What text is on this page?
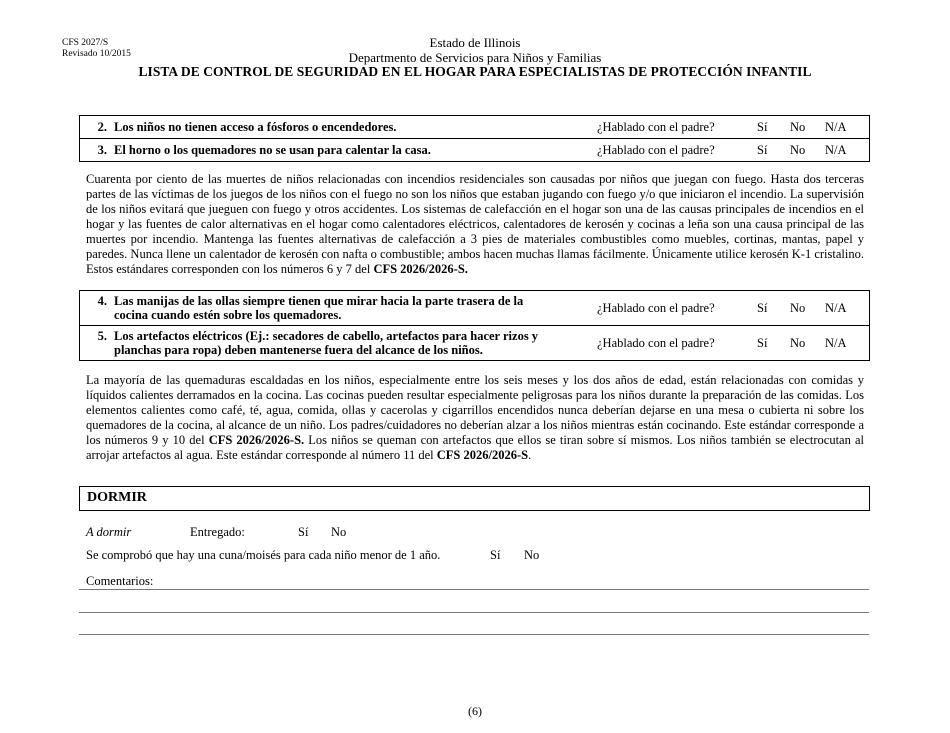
CFS 2027/S
Revisado 10/2015
Estado de Illinois
Departmento de Servicios para Niños y Familias
LISTA DE CONTROL DE SEGURIDAD EN EL HOGAR PARA ESPECIALISTAS DE PROTECCIÓN INFANTIL
2.	Los niños no tienen acceso a fósforos o encendedores.	¿Hablado con el padre?	Sí	No	N/A
3.	El horno o los quemadores no se usan para calentar la casa.	¿Hablado con el padre?	Sí	No	N/A
Cuarenta por ciento de las muertes de niños relacionadas con incendios residenciales son causadas por niños que juegan con fuego. Hasta dos terceras partes de las víctimas de los juegos de los niños con el fuego no son los niños que estaban jugando con fuego y/o que iniciaron el incendio. La supervisión de los niños evitará que jueguen con fuego y otros accidentes. Los sistemas de calefacción en el hogar son una de las causas principales de incendios en el hogar y las fuentes de calor alternativas en el hogar como calentadores eléctricos, calentadores de kerosén y cocinas a leña son una causa principal de las muertes por incendio. Mantenga las fuentes alternativas de calefacción a 3 pies de materiales combustibles como muebles, cortinas, mantas, papel y paredes. Nunca llene un calentador de kerosén con nafta o combustible; ambos hacen muchas llamas fácilmente. Únicamente utilice kerosén K-1 cristalino. Estos estándares corresponden con los números 6 y 7 del CFS 2026/2026-S.
4.	Las manijas de las ollas siempre tienen que mirar hacia la parte trasera de la cocina cuando estén sobre los quemadores.	¿Hablado con el padre?	Sí	No	N/A
5.	Los artefactos eléctricos (Ej.: secadores de cabello, artefactos para hacer rizos y planchas para ropa) deben mantenerse fuera del alcance de los niños.	¿Hablado con el padre?	Sí	No	N/A
La mayoría de las quemaduras escaldadas en los niños, especialmente entre los seis meses y los dos años de edad, están relacionadas con comidas y líquidos calientes derramados en la cocina. Las cocinas pueden resultar especialmente peligrosas para los niños durante la preparación de las comidas. Los elementos calientes como café, té, agua, comida, ollas y cacerolas y cigarrillos encendidos nunca deberían dejarse en una mesa o cubierta ni sobre los quemadores de la cocina, al alcance de un niño. Los padres/cuidadores no deberían alzar a los niños mientras están cocinando. Este estándar corresponde a los números 9 y 10 del CFS 2026/2026-S. Los niños se queman con artefactos que ellos se tiran sobre sí mismos. Los niños también se electrocutan al arrojar artefactos al agua. Este estándar corresponde al número 11 del CFS 2026/2026-S.
DORMIR
A dormir	Entregado:	Sí No
Se comprobó que hay una cuna/moisés para cada niño menor de 1 año.	Sí No
Comentarios:
(6)
